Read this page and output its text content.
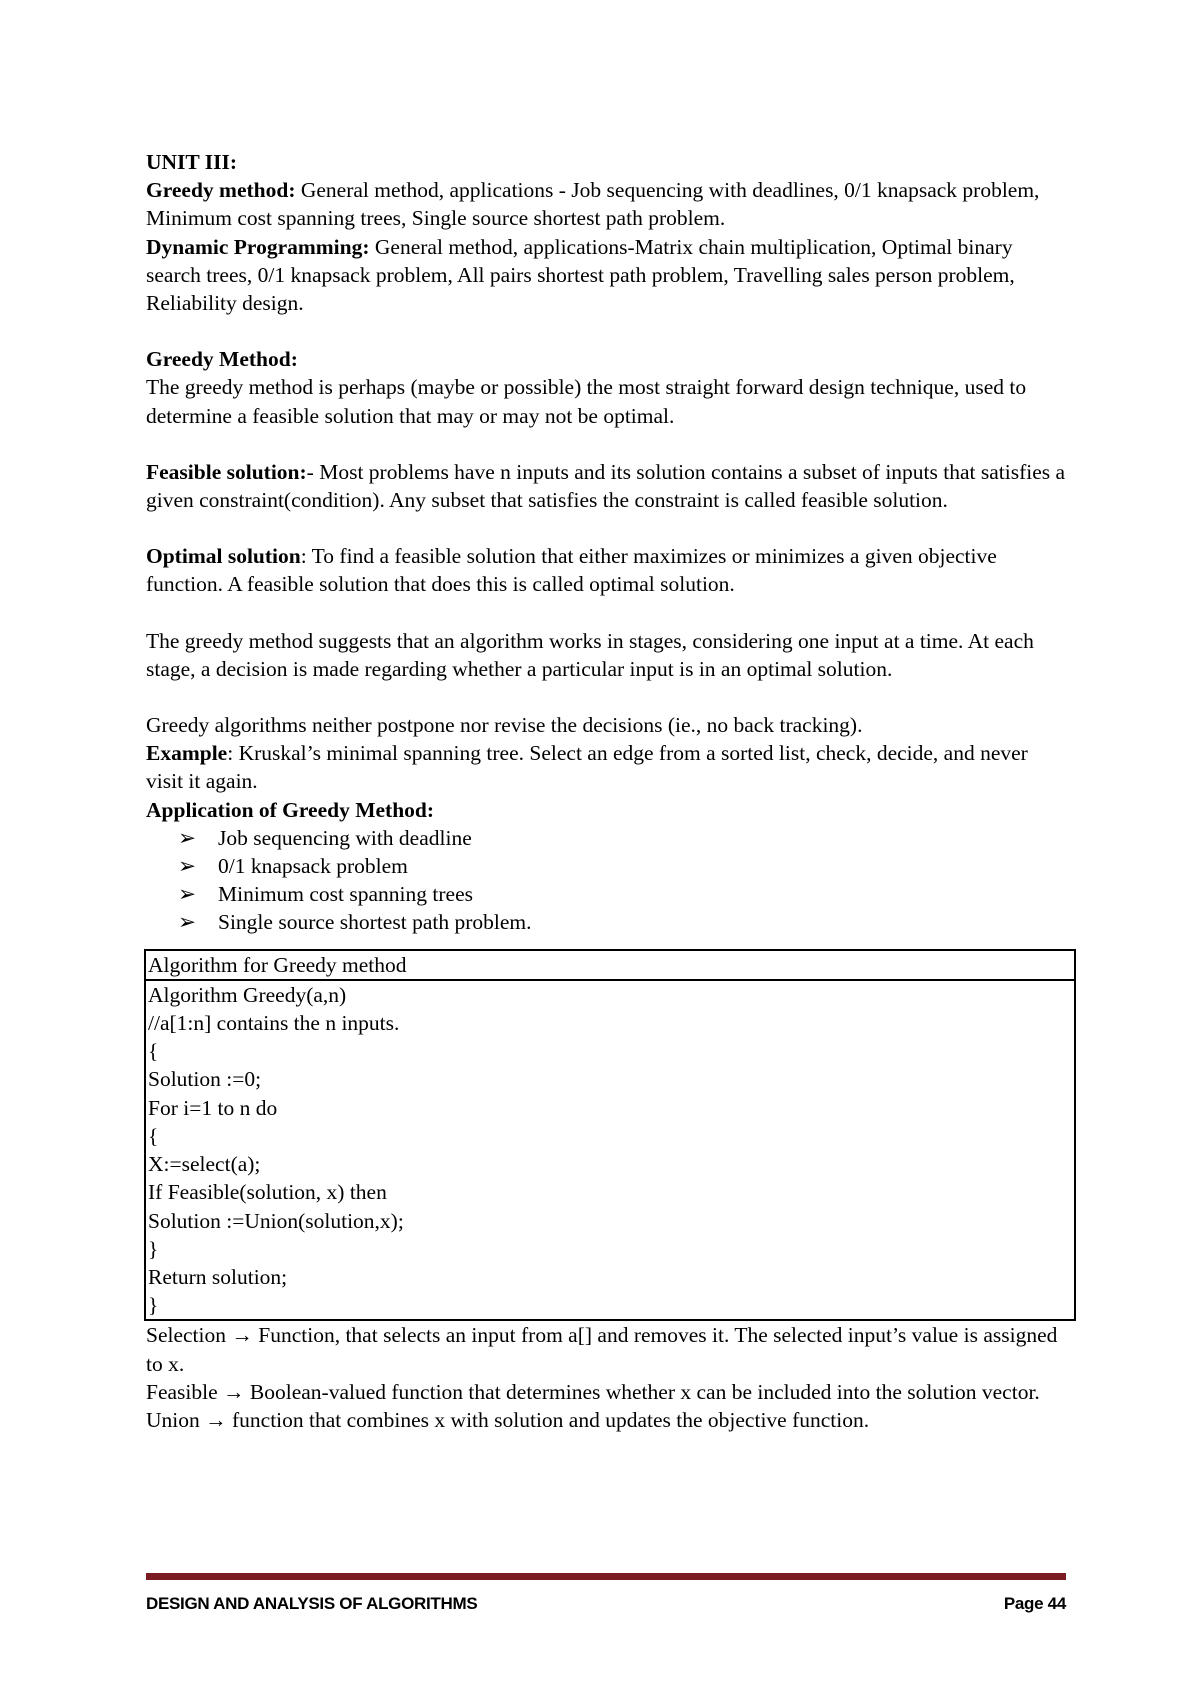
UNIT III:

Greedy method: General method, applications - Job sequencing with deadlines, 0/1 knapsack problem, Minimum cost spanning trees, Single source shortest path problem.

Dynamic Programming: General method, applications-Matrix chain multiplication, Optimal binary search trees, 0/1 knapsack problem, All pairs shortest path problem, Travelling sales person problem, Reliability design.

Greedy Method:

The greedy method is perhaps (maybe or possible) the most straight forward design technique, used to determine a feasible solution that may or may not be optimal.

Feasible solution:- Most problems have n inputs and its solution contains a subset of inputs that satisfies a given constraint(condition). Any subset that satisfies the constraint is called feasible solution.

Optimal solution: To find a feasible solution that either maximizes or minimizes a given objective function. A feasible solution that does this is called optimal solution.

The greedy method suggests that an algorithm works in stages, considering one input at a time. At each stage, a decision is made regarding whether a particular input is in an optimal solution.

Greedy algorithms neither postpone nor revise the decisions (ie., no back tracking).

Example: Kruskal’s minimal spanning tree. Select an edge from a sorted list, check, decide, and never visit it again.

Application of Greedy Method:

➢ Job sequencing with deadline
➢ 0/1 knapsack problem
➢ Minimum cost spanning trees
➢ Single source shortest path problem.
Algorithm for Greedy method

Algorithm Greedy(a,n)

//a[1:n] contains the n inputs.

{

Solution :=0;

For i=1 to n do

{

X:=select(a);

If Feasible(solution, x) then

Solution :=Union(solution,x);

}

Return solution;

}

Selection → Function, that selects an input from a[] and removes it. The selected input’s value is assigned to x.

Feasible → Boolean-valued function that determines whether x can be included into the solution vector.

Union → function that combines x with solution and updates the objective function.

DESIGN AND ANALYSIS OF ALGORITHMS	Page 44
